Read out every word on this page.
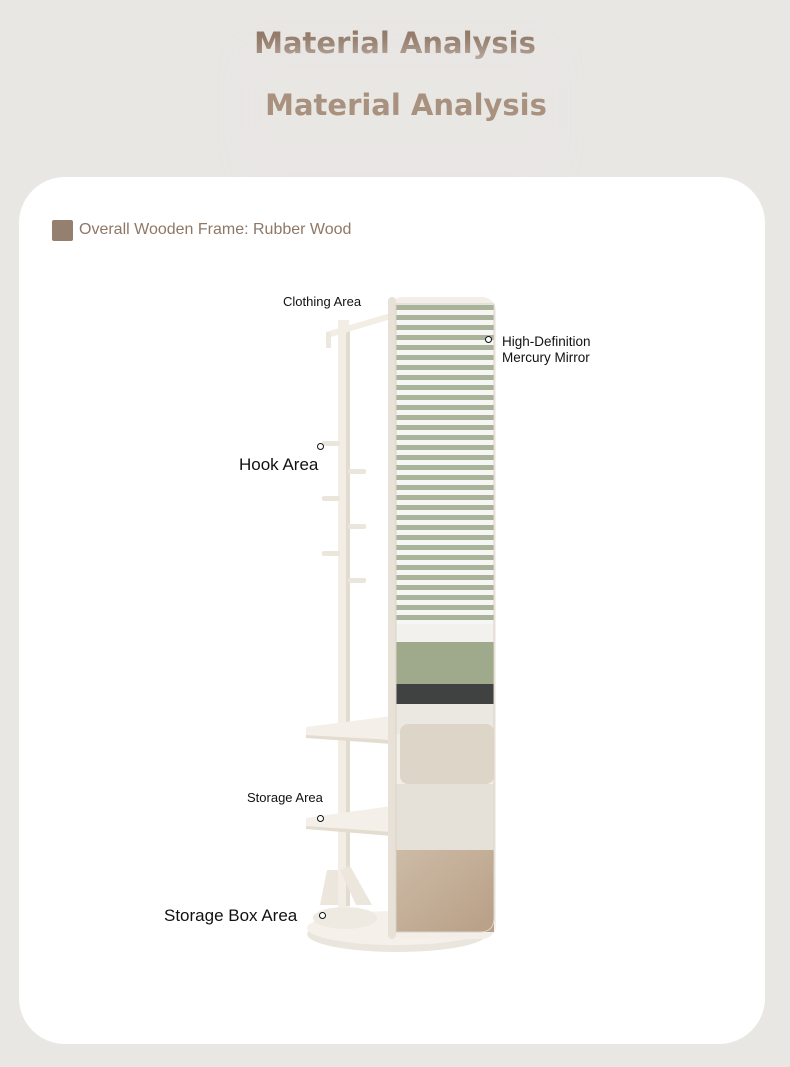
Material Analysis
Material Analysis
Overall Wooden Frame: Rubber Wood
Clothing Area
High-Definition
Mercury Mirror
Hook Area
Storage Area
Storage Box Area
